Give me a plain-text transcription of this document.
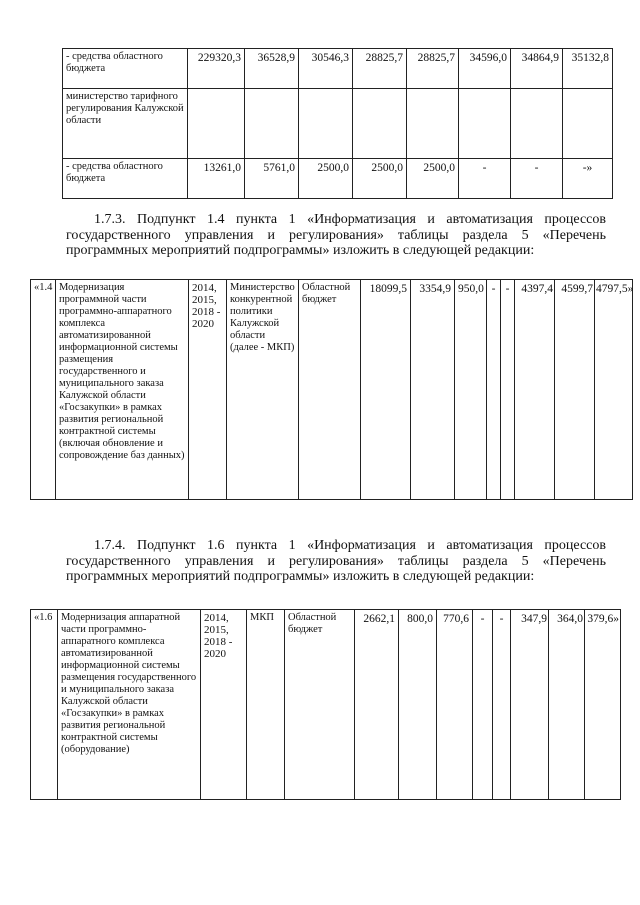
- средства областного бюджета	229320,3	36528,9	30546,3	28825,7	28825,7	34596,0	34864,9	35132,8
министерство тарифного регулирования Калужской области								
- средства областного бюджета	13261,0	5761,0	2500,0	2500,0	2500,0	-	-	-»
1.7.3. Подпункт 1.4 пункта 1 «Информатизация и автоматизация процессов государственного управления и регулирования» таблицы раздела 5 «Перечень программных мероприятий подпрограммы» изложить в следующей редакции:
«1.4	Модернизация программной части программно-аппаратного комплекса автоматизированной информационной системы размещения государственного и муниципального заказа Калужской области «Госзакупки» в рамках развития региональной контрактной системы (включая обновление и сопровождение баз данных)	2014, 2015, 2018 - 2020	Министерство конкурентной политики Калужской области (далее - МКП)	Областной бюджет	18099,5	3354,9	950,0	-	-	4397,4	4599,7	4797,5»
1.7.4. Подпункт 1.6 пункта 1 «Информатизация и автоматизация процессов государственного управления и регулирования» таблицы раздела 5 «Перечень программных мероприятий подпрограммы» изложить в следующей редакции:
«1.6	Модернизация аппаратной части программно-аппаратного комплекса автоматизированной информационной системы размещения государственного и муниципального заказа Калужской области «Госзакупки» в рамках развития региональной контрактной системы (оборудование)	2014, 2015, 2018 - 2020	МКП	Областной бюджет	2662,1	800,0	770,6	-	-	347,9	364,0	379,6»
